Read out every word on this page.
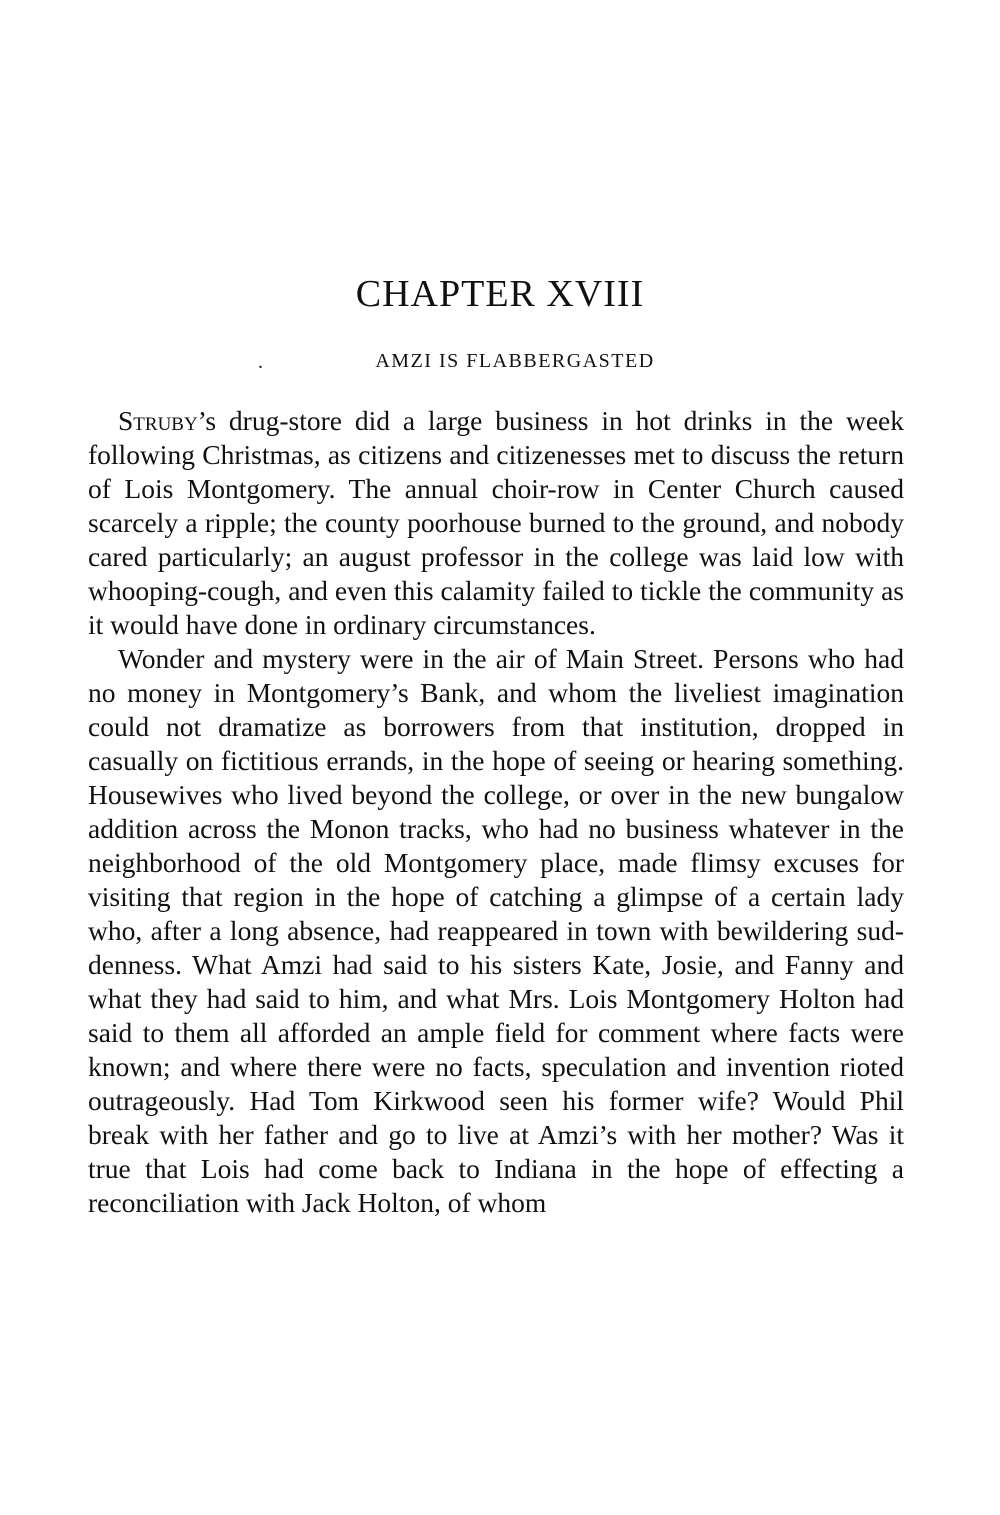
CHAPTER XVIII
.	AMZI IS FLABBERGASTED

Struby’s drug-store did a large business in hot drinks in the week following Christmas, as citizens and citizenesses met to discuss the return of Lois Montgomery. The annual choir-row in Center Church caused scarcely a ripple; the county poorhouse burned to the ground, and nobody cared particularly; an august professor in the college was laid low with whooping-cough, and even this calamity failed to tickle the community as it would have done in ordinary circumstances.

Wonder and mystery were in the air of Main Street. Persons who had no money in Montgomery’s Bank, and whom the liveliest imagination could not dramatize as borrowers from that institution, dropped in casually on fictitious errands, in the hope of seeing or hearing something. Housewives who lived beyond the college, or over in the new bungalow addition across the Monon tracks, who had no business whatever in the neighborhood of the old Montgomery place, made flimsy excuses for visiting that region in the hope of catching a glimpse of a certain lady who, after a long absence, had reappeared in town with bewildering suddenness. What Amzi had said to his sisters Kate, Josie, and Fanny and what they had said to him, and what Mrs. Lois Montgomery Holton had said to them all afforded an ample field for comment where facts were known; and where there were no facts, speculation and invention rioted outrageously. Had Tom Kirkwood seen his former wife? Would Phil break with her father and go to live at Amzi’s with her mother? Was it true that Lois had come back to Indiana in the hope of effecting a reconciliation with Jack Holton, of whom
